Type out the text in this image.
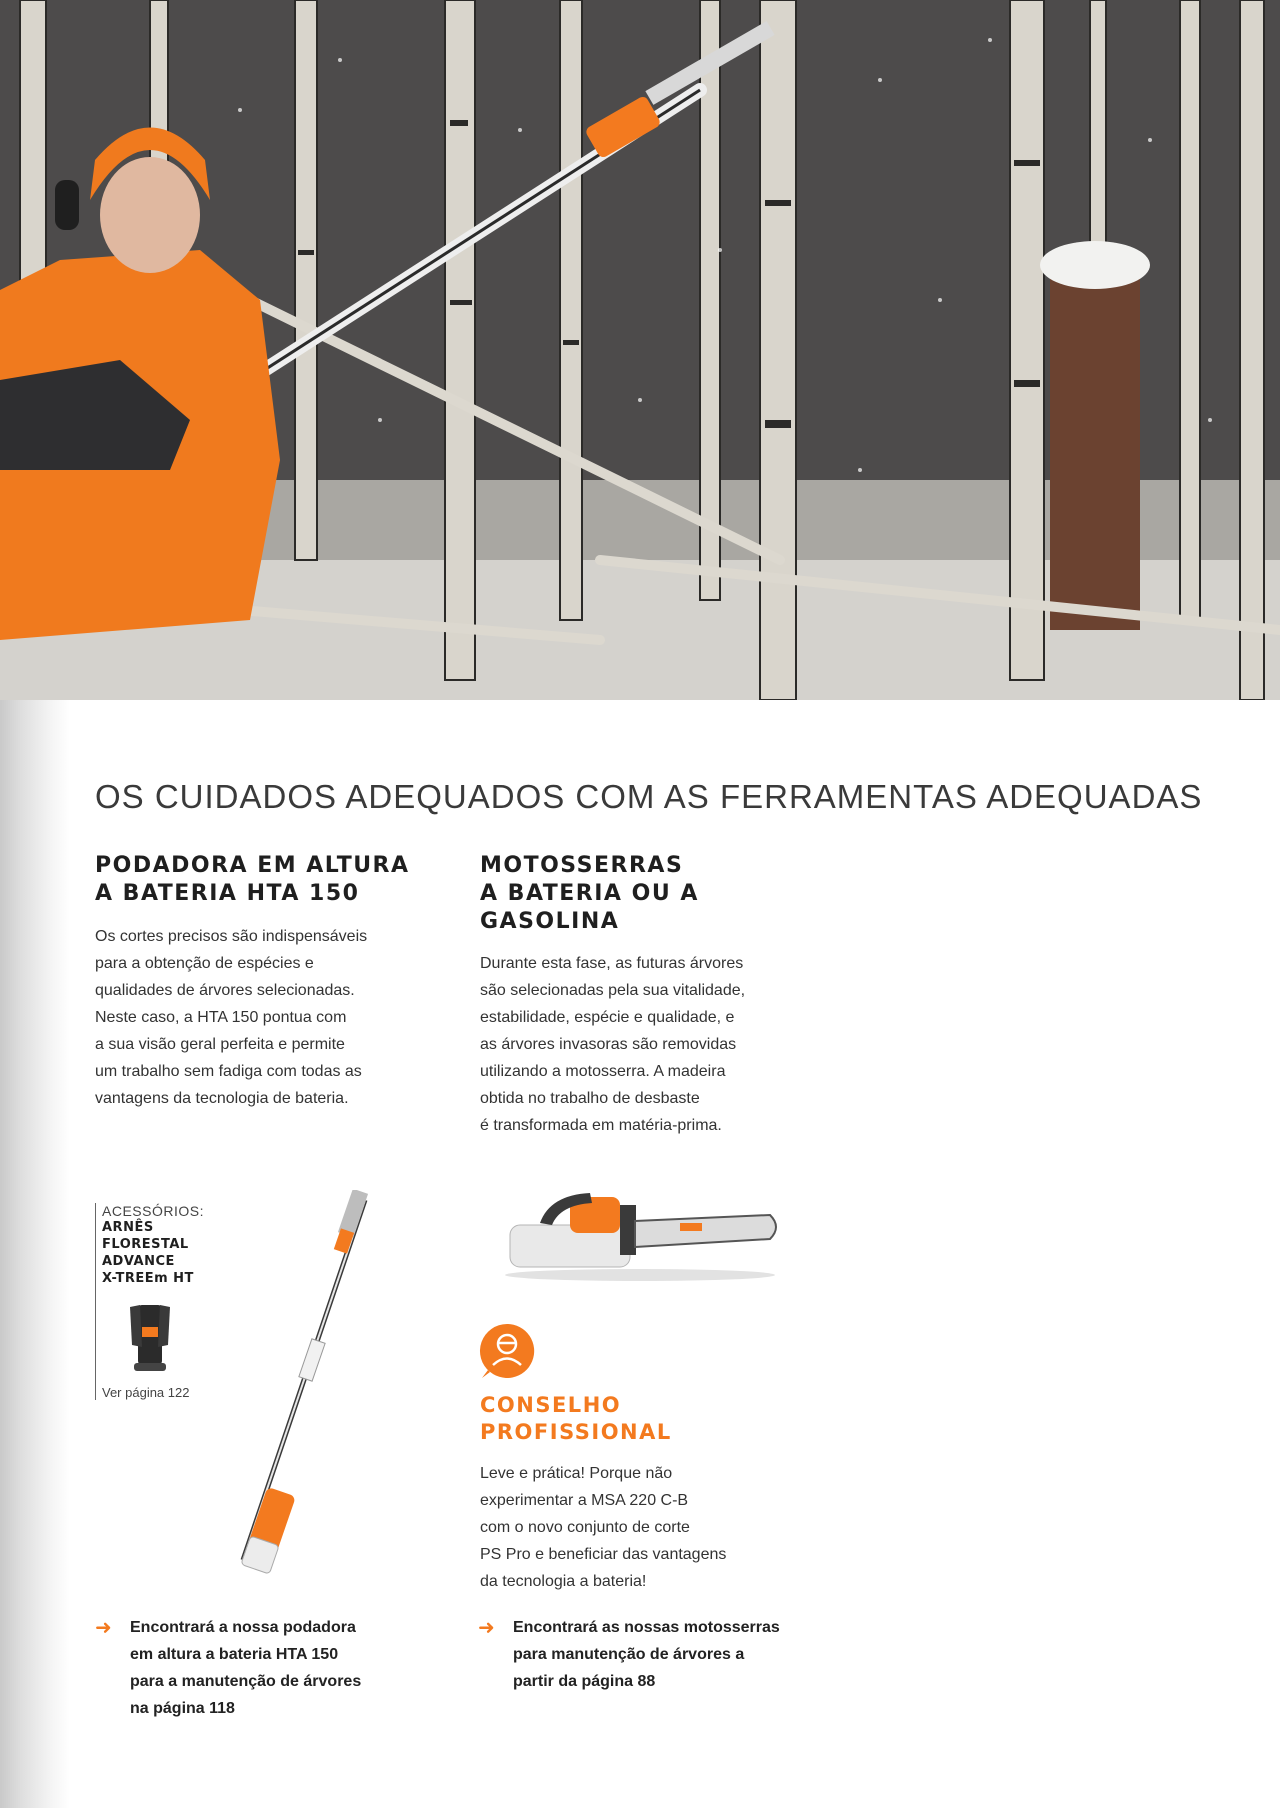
OS CUIDADOS ADEQUADOS COM AS FERRAMENTAS ADEQUADAS
PODADORA EM ALTURA
A BATERIA HTA 150

Os cortes precisos são indispensáveis

para a obtenção de espécies e

qualidades de árvores selecionadas.

Neste caso, a HTA 150 pontua com

a sua visão geral perfeita e permite

um trabalho sem fadiga com todas as

vantagens da tecnologia de bateria.

ACESSÓRIOS:
ARNÊS
FLORESTAL
ADVANCE
X-TREEm HT
Ver página 122
➜ Encontrará a nossa podadora
em altura a bateria HTA 150
para a manutenção de árvores
na página 118
MOTOSSERRAS
A BATERIA OU A
GASOLINA

Durante esta fase, as futuras árvores

são selecionadas pela sua vitalidade,

estabilidade, espécie e qualidade, e

as árvores invasoras são removidas

utilizando a motosserra. A madeira

obtida no trabalho de desbaste

é transformada em matéria-prima.

CONSELHO
PROFISSIONAL

Leve e prática! Porque não

experimentar a MSA 220 C-B

com o novo conjunto de corte

PS Pro e beneficiar das vantagens

da tecnologia a bateria!

➜ Encontrará as nossas motosserras
para manutenção de árvores a
partir da página 88
